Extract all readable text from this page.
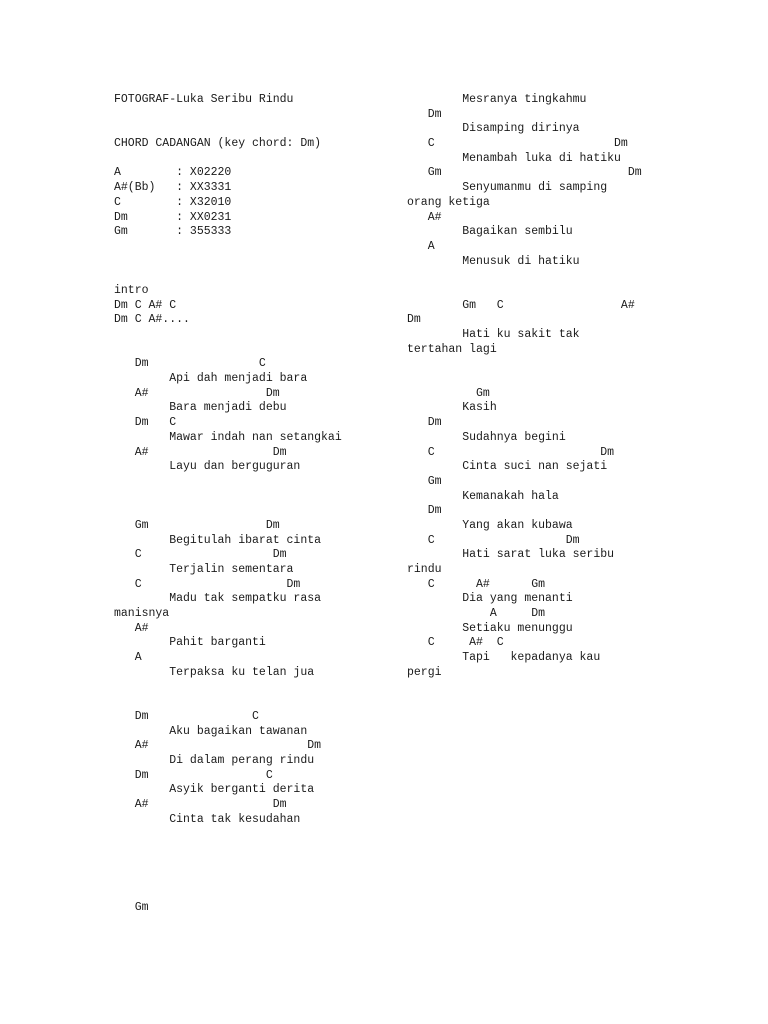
FOTOGRAF-Luka Seribu Rindu
CHORD CADANGAN (key chord: Dm)
A        : X02220
A#(Bb)   : XX3331
C        : X32010
Dm       : XX0231
Gm       : 355333
intro
Dm C A# C
Dm C A#....
Dm                C
Api dah menjadi bara
A#                 Dm
Bara menjadi debu
Dm   C
Mawar indah nan setangkai
A#                  Dm
Layu dan berguguran
Gm                 Dm
Begitulah ibarat cinta
C                   Dm
Terjalin sementara
C                     Dm
Madu tak sempatku rasa
manisnya
A#
Pahit barganti
A
Terpaksa ku telan jua
Dm               C
Aku bagaikan tawanan
A#                       Dm
Di dalam perang rindu
Dm                 C
Asyik berganti derita
A#                  Dm
Cinta tak kesudahan
Gm
Mesranya tingkahmu
Dm
Disamping dirinya
C                          Dm
Menambah luka di hatiku
Gm                           Dm
Senyumanmu di samping
orang ketiga
A#
Bagaikan sembilu
A
Menusuk di hatiku
Gm   C                 A#
Dm
Hati ku sakit tak
tertahan lagi
Gm
Kasih
Dm
Sudahnya begini
C                        Dm
Cinta suci nan sejati
Gm
Kemanakah hala
Dm
Yang akan kubawa
C                   Dm
Hati sarat luka seribu
rindu
C      A#      Gm
Dia yang menanti
A     Dm
Setiaku menunggu
C     A#  C
Tapi   kepadanya kau
pergi
